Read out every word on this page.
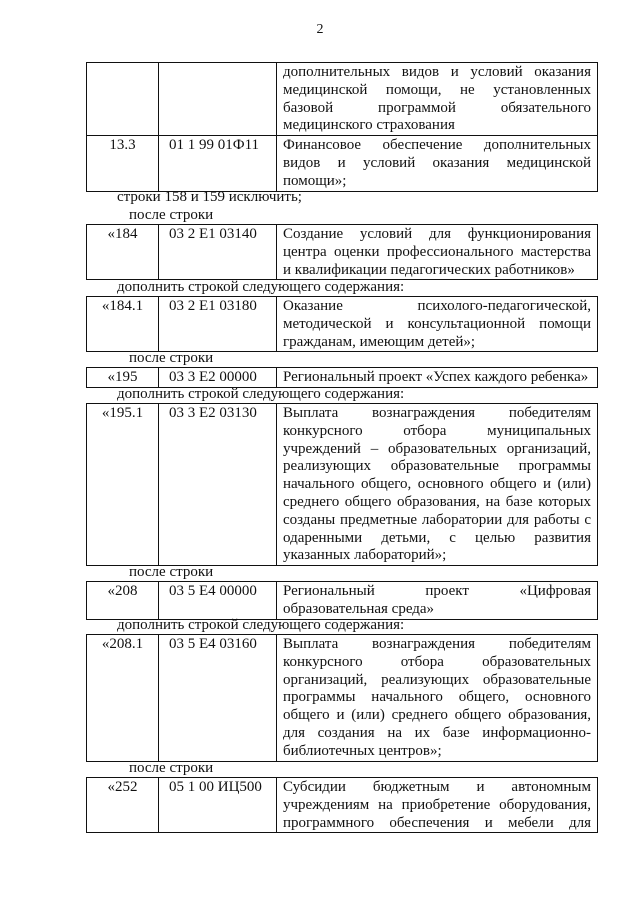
2
дополнительных видов и условий оказания
медицинской помощи, не установленных
базовой программой обязательного
медицинского страхования
13.3	01 1 99 01Ф11	Финансовое обеспечение дополнительных
видов и условий оказания медицинской
помощи»;
строки 158 и 159 исключить;
после строки
«184	03 2 Е1 03140	Создание условий для функционирования
центра оценки профессионального мастерства
и квалификации педагогических работников»
дополнить строкой следующего содержания:
«184.1	03 2 Е1 03180	Оказание психолого-педагогической,
методической и консультационной помощи
гражданам, имеющим детей»;
после строки
«195	03 3 Е2 00000	Региональный проект «Успех каждого ребенка»
дополнить строкой следующего содержания:
«195.1	03 3 Е2 03130	Выплата вознаграждения победителям
конкурсного отбора муниципальных
учреждений – образовательных организаций,
реализующих образовательные программы
начального общего, основного общего и (или)
среднего общего образования, на базе которых
созданы предметные лаборатории для работы с
одаренными детьми, с целью развития
указанных лабораторий»;
после строки
«208	03 5 Е4 00000	Региональный проект «Цифровая
образовательная среда»
дополнить строкой следующего содержания:
«208.1	03 5 Е4 03160	Выплата вознаграждения победителям
конкурсного отбора образовательных
организаций, реализующих образовательные
программы начального общего, основного
общего и (или) среднего общего образования,
для создания на их базе информационно-
библиотечных центров»;
после строки
«252	05 1 00 ИЦ500	Субсидии бюджетным и автономным
учреждениям на приобретение оборудования,
программного обеспечения и мебели для
